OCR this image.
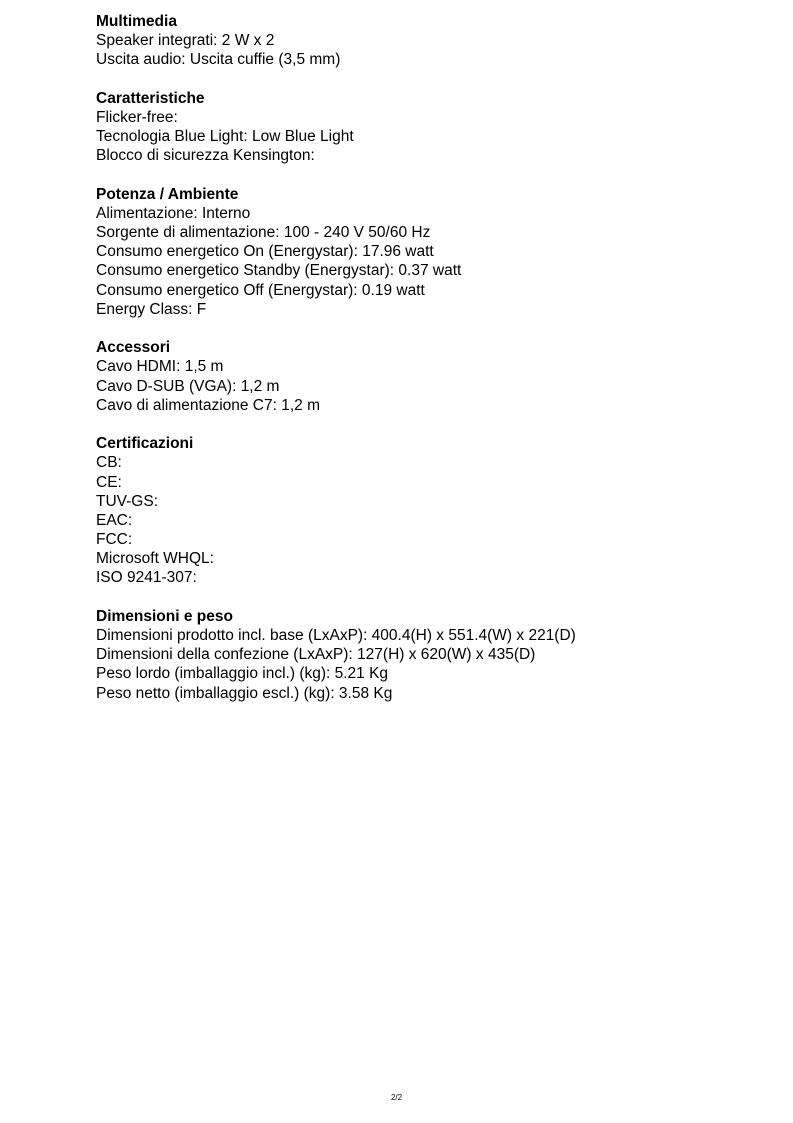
Multimedia
Speaker integrati: 2 W x 2
Uscita audio: Uscita cuffie (3,5 mm)
Caratteristiche
Flicker-free:
Tecnologia Blue Light: Low Blue Light
Blocco di sicurezza Kensington:
Potenza / Ambiente
Alimentazione: Interno
Sorgente di alimentazione: 100 - 240 V 50/60 Hz
Consumo energetico On (Energystar): 17.96 watt
Consumo energetico Standby (Energystar): 0.37 watt
Consumo energetico Off (Energystar): 0.19 watt
Energy Class: F
Accessori
Cavo HDMI: 1,5 m
Cavo D-SUB (VGA): 1,2 m
Cavo di alimentazione C7: 1,2 m
Certificazioni
CB:
CE:
TUV-GS:
EAC:
FCC:
Microsoft WHQL:
ISO 9241-307:
Dimensioni e peso
Dimensioni prodotto incl. base (LxAxP): 400.4(H) x 551.4(W) x 221(D)
Dimensioni della confezione (LxAxP): 127(H) x 620(W) x 435(D)
Peso lordo (imballaggio incl.) (kg): 5.21 Kg
Peso netto (imballaggio escl.) (kg): 3.58 Kg
2/2
